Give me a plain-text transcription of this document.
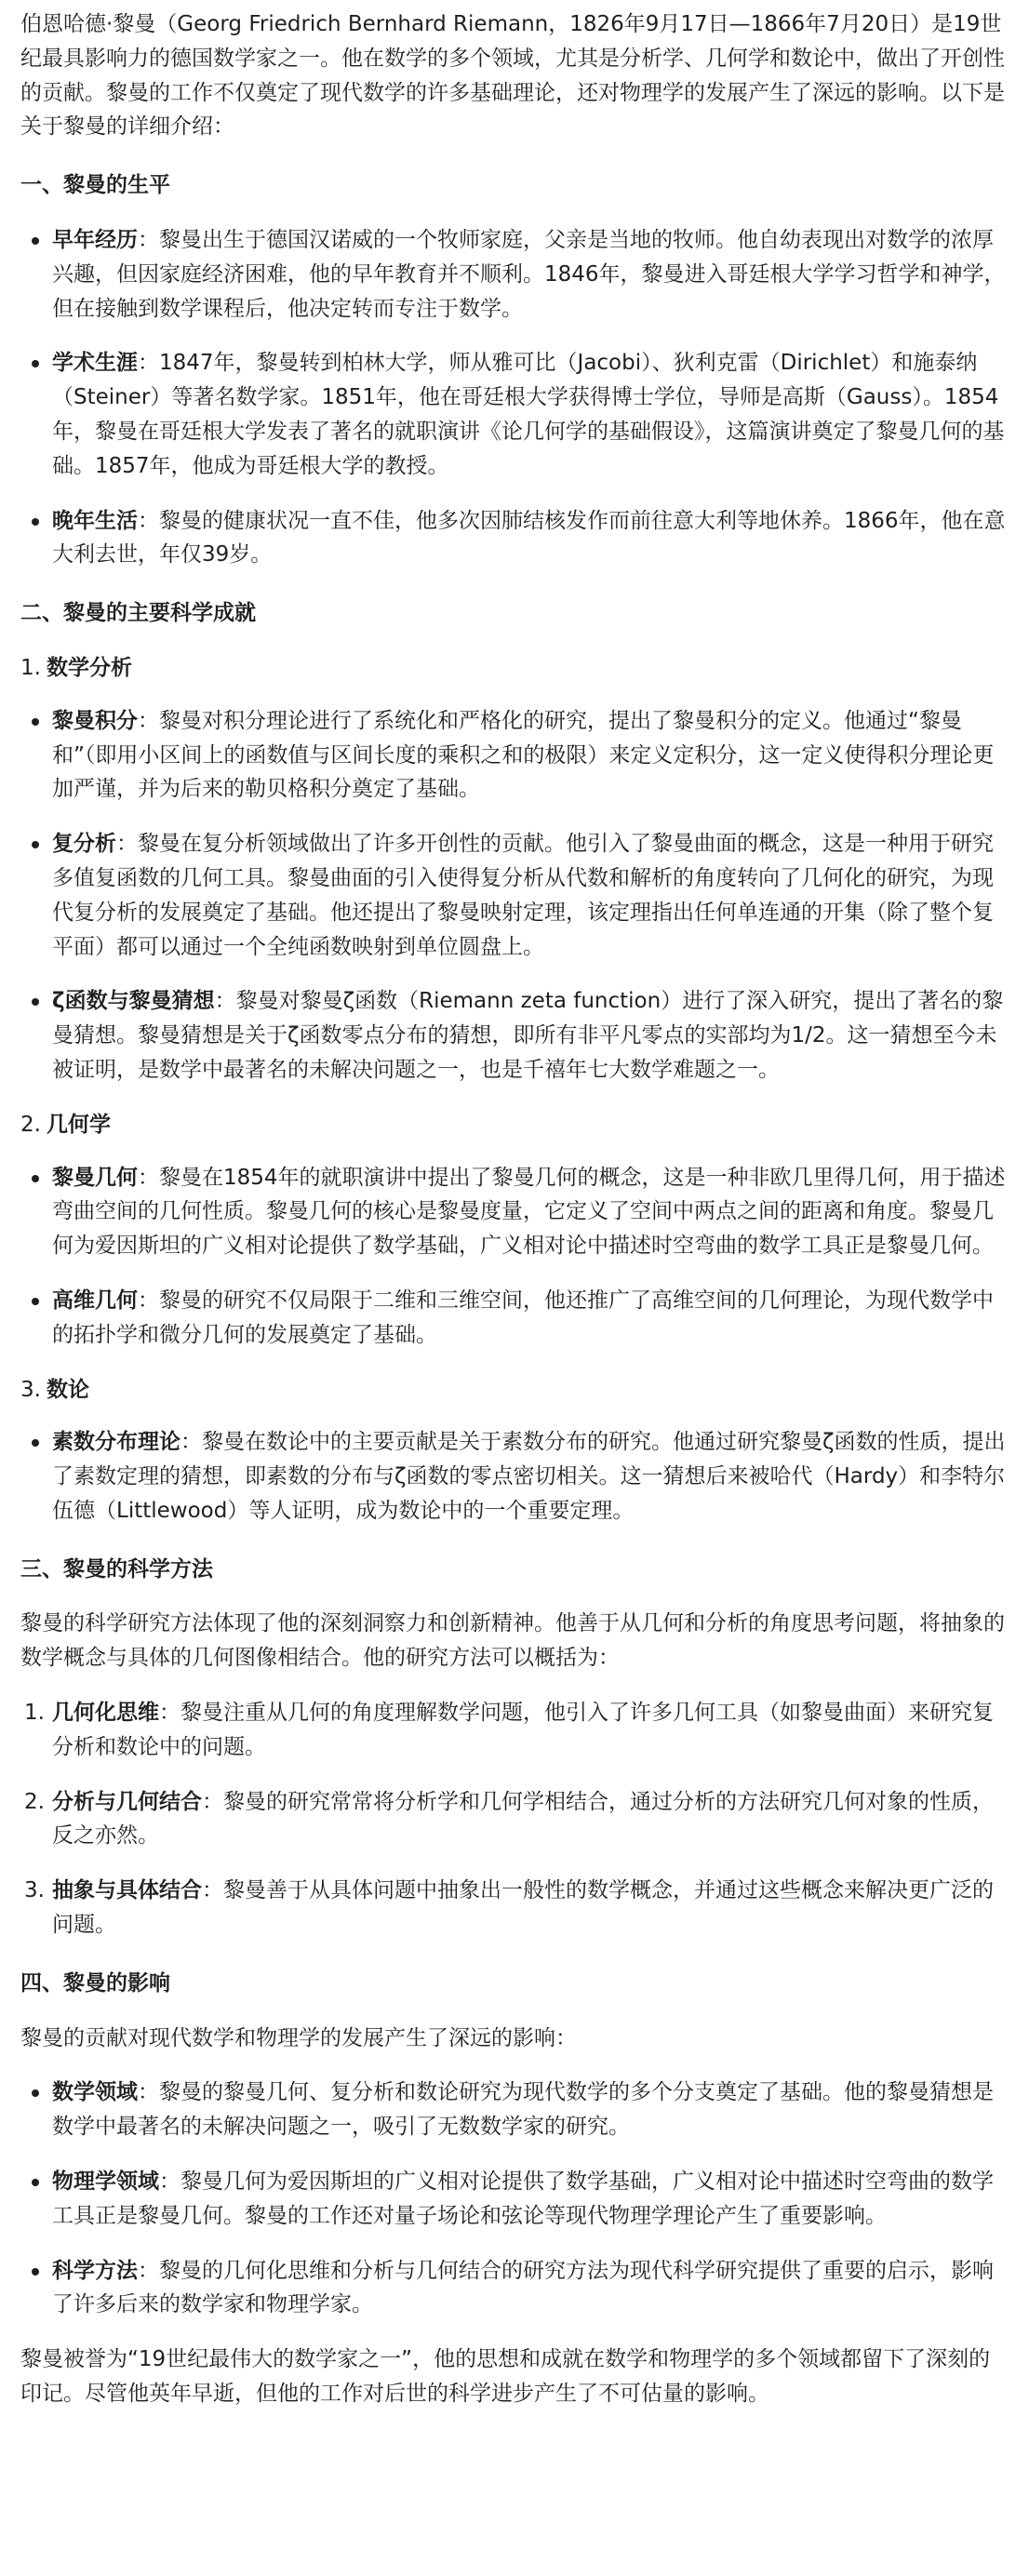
伯恩哈德·黎曼（Georg Friedrich Bernhard Riemann，1826年9月17日—1866年7月20日）是19世纪最具影响力的德国数学家之一。他在数学的多个领域，尤其是分析学、几何学和数论中，做出了开创性的贡献。黎曼的工作不仅奠定了现代数学的许多基础理论，还对物理学的发展产生了深远的影响。以下是关于黎曼的详细介绍：

一、黎曼的生平
早年经历：黎曼出生于德国汉诺威的一个牧师家庭，父亲是当地的牧师。他自幼表现出对数学的浓厚兴趣，但因家庭经济困难，他的早年教育并不顺利。1846年，黎曼进入哥廷根大学学习哲学和神学，但在接触到数学课程后，他决定转而专注于数学。
学术生涯：1847年，黎曼转到柏林大学，师从雅可比（Jacobi）、狄利克雷（Dirichlet）和施泰纳（Steiner）等著名数学家。1851年，他在哥廷根大学获得博士学位，导师是高斯（Gauss）。1854年，黎曼在哥廷根大学发表了著名的就职演讲《论几何学的基础假设》，这篇演讲奠定了黎曼几何的基础。1857年，他成为哥廷根大学的教授。
晚年生活：黎曼的健康状况一直不佳，他多次因肺结核发作而前往意大利等地休养。1866年，他在意大利去世，年仅39岁。
二、黎曼的主要科学成就
1. 数学分析
黎曼积分：黎曼对积分理论进行了系统化和严格化的研究，提出了黎曼积分的定义。他通过“黎曼和”（即用小区间上的函数值与区间长度的乘积之和的极限）来定义定积分，这一定义使得积分理论更加严谨，并为后来的勒贝格积分奠定了基础。
复分析：黎曼在复分析领域做出了许多开创性的贡献。他引入了黎曼曲面的概念，这是一种用于研究多值复函数的几何工具。黎曼曲面的引入使得复分析从代数和解析的角度转向了几何化的研究，为现代复分析的发展奠定了基础。他还提出了黎曼映射定理，该定理指出任何单连通的开集（除了整个复平面）都可以通过一个全纯函数映射到单位圆盘上。
ζ函数与黎曼猜想：黎曼对黎曼ζ函数（Riemann zeta function）进行了深入研究，提出了著名的黎曼猜想。黎曼猜想是关于ζ函数零点分布的猜想，即所有非平凡零点的实部均为1/2。这一猜想至今未被证明，是数学中最著名的未解决问题之一，也是千禧年七大数学难题之一。
2. 几何学
黎曼几何：黎曼在1854年的就职演讲中提出了黎曼几何的概念，这是一种非欧几里得几何，用于描述弯曲空间的几何性质。黎曼几何的核心是黎曼度量，它定义了空间中两点之间的距离和角度。黎曼几何为爱因斯坦的广义相对论提供了数学基础，广义相对论中描述时空弯曲的数学工具正是黎曼几何。
高维几何：黎曼的研究不仅局限于二维和三维空间，他还推广了高维空间的几何理论，为现代数学中的拓扑学和微分几何的发展奠定了基础。
3. 数论
素数分布理论：黎曼在数论中的主要贡献是关于素数分布的研究。他通过研究黎曼ζ函数的性质，提出了素数定理的猜想，即素数的分布与ζ函数的零点密切相关。这一猜想后来被哈代（Hardy）和李特尔伍德（Littlewood）等人证明，成为数论中的一个重要定理。
三、黎曼的科学方法

黎曼的科学研究方法体现了他的深刻洞察力和创新精神。他善于从几何和分析的角度思考问题，将抽象的数学概念与具体的几何图像相结合。他的研究方法可以概括为：

几何化思维：黎曼注重从几何的角度理解数学问题，他引入了许多几何工具（如黎曼曲面）来研究复分析和数论中的问题。
分析与几何结合：黎曼的研究常常将分析学和几何学相结合，通过分析的方法研究几何对象的性质，反之亦然。
抽象与具体结合：黎曼善于从具体问题中抽象出一般性的数学概念，并通过这些概念来解决更广泛的问题。
四、黎曼的影响

黎曼的贡献对现代数学和物理学的发展产生了深远的影响：

数学领域：黎曼的黎曼几何、复分析和数论研究为现代数学的多个分支奠定了基础。他的黎曼猜想是数学中最著名的未解决问题之一，吸引了无数数学家的研究。
物理学领域：黎曼几何为爱因斯坦的广义相对论提供了数学基础，广义相对论中描述时空弯曲的数学工具正是黎曼几何。黎曼的工作还对量子场论和弦论等现代物理学理论产生了重要影响。
科学方法：黎曼的几何化思维和分析与几何结合的研究方法为现代科学研究提供了重要的启示，影响了许多后来的数学家和物理学家。

黎曼被誉为“19世纪最伟大的数学家之一”，他的思想和成就在数学和物理学的多个领域都留下了深刻的印记。尽管他英年早逝，但他的工作对后世的科学进步产生了不可估量的影响。
